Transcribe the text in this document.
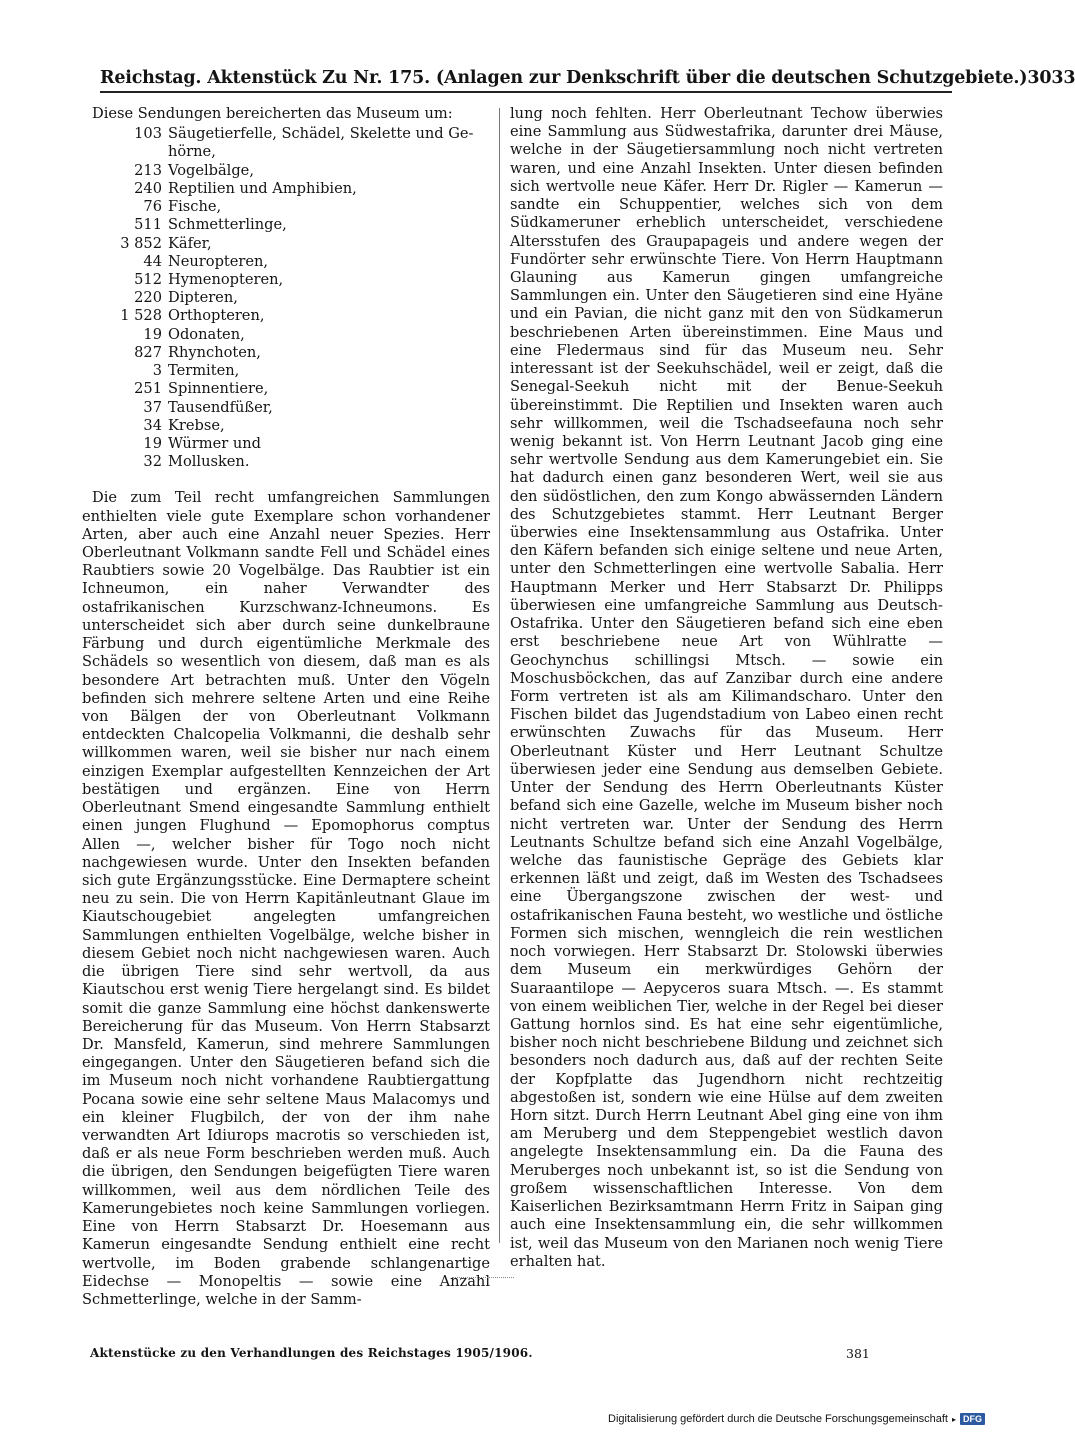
Reichstag. Aktenstück Zu Nr. 175. (Anlagen zur Denkschrift über die deutschen Schutzgebiete.) 3033

Diese Sendungen bereicherten das Museum um:

103 Säugetierfelle, Schädel, Skelette und Ge-
hörne,
213 Vogelbälge,
240 Reptilien und Amphibien,
76 Fische,
511 Schmetterlinge,
3 852 Käfer,
44 Neuropteren,
512 Hymenopteren,
220 Dipteren,
1 528 Orthopteren,
19 Odonaten,
827 Rhynchoten,
3 Termiten,
251 Spinnentiere,
37 Tausendfüßer,
34 Krebse,
19 Würmer und
32 Mollusken.

Die zum Teil recht umfangreichen Sammlungen enthielten viele gute Exemplare schon vorhandener Arten, aber auch eine Anzahl neuer Spezies. Herr Oberleutnant Volkmann sandte Fell und Schädel eines Raubtiers sowie 20 Vogelbälge. Das Raubtier ist ein Ichneumon, ein naher Verwandter des ostafrikanischen Kurzschwanz-Ichneumons. Es unterscheidet sich aber durch seine dunkelbraune Färbung und durch eigentümliche Merkmale des Schädels so wesentlich von diesem, daß man es als besondere Art betrachten muß. Unter den Vögeln befinden sich mehrere seltene Arten und eine Reihe von Bälgen der von Oberleutnant Volkmann entdeckten Chalcopelia Volkmanni, die deshalb sehr willkommen waren, weil sie bisher nur nach einem einzigen Exemplar aufgestellten Kennzeichen der Art bestätigen und ergänzen. Eine von Herrn Oberleutnant Smend eingesandte Sammlung enthielt einen jungen Flughund — Epomophorus comptus Allen —, welcher bisher für Togo noch nicht nachgewiesen wurde. Unter den Insekten befanden sich gute Ergänzungsstücke. Eine Dermaptere scheint neu zu sein. Die von Herrn Kapitänleutnant Glaue im Kiautschougebiet angelegten umfangreichen Sammlungen enthielten Vogelbälge, welche bisher in diesem Gebiet noch nicht nachgewiesen waren. Auch die übrigen Tiere sind sehr wertvoll, da aus Kiautschou erst wenig Tiere hergelangt sind. Es bildet somit die ganze Sammlung eine höchst dankenswerte Bereicherung für das Museum. Von Herrn Stabsarzt Dr. Mansfeld, Kamerun, sind mehrere Sammlungen eingegangen. Unter den Säugetieren befand sich die im Museum noch nicht vorhandene Raubtiergattung Pocana sowie eine sehr seltene Maus Malacomys und ein kleiner Flugbilch, der von der ihm nahe verwandten Art Idiurops macrotis so verschieden ist, daß er als neue Form beschrieben werden muß. Auch die übrigen, den Sendungen beigefügten Tiere waren willkommen, weil aus dem nördlichen Teile des Kamerungebietes noch keine Sammlungen vorliegen. Eine von Herrn Stabsarzt Dr. Hoesemann aus Kamerun eingesandte Sendung enthielt eine recht wertvolle, im Boden grabende schlangenartige Eidechse — Monopeltis — sowie eine Anzahl Schmetterlinge, welche in der Samm-

lung noch fehlten. Herr Oberleutnant Techow überwies eine Sammlung aus Südwestafrika, darunter drei Mäuse, welche in der Säugetiersammlung noch nicht vertreten waren, und eine Anzahl Insekten. Unter diesen befinden sich wertvolle neue Käfer. Herr Dr. Rigler — Kamerun — sandte ein Schuppentier, welches sich von dem Südkameruner erheblich unterscheidet, verschiedene Altersstufen des Graupapageis und andere wegen der Fundörter sehr erwünschte Tiere. Von Herrn Hauptmann Glauning aus Kamerun gingen umfangreiche Sammlungen ein. Unter den Säugetieren sind eine Hyäne und ein Pavian, die nicht ganz mit den von Südkamerun beschriebenen Arten übereinstimmen. Eine Maus und eine Fledermaus sind für das Museum neu. Sehr interessant ist der Seekuhschädel, weil er zeigt, daß die Senegal-Seekuh nicht mit der Benue-Seekuh übereinstimmt. Die Reptilien und Insekten waren auch sehr willkommen, weil die Tschadseefauna noch sehr wenig bekannt ist. Von Herrn Leutnant Jacob ging eine sehr wertvolle Sendung aus dem Kamerungebiet ein. Sie hat dadurch einen ganz besonderen Wert, weil sie aus den südöstlichen, den zum Kongo abwässernden Ländern des Schutzgebietes stammt. Herr Leutnant Berger überwies eine Insektensammlung aus Ostafrika. Unter den Käfern befanden sich einige seltene und neue Arten, unter den Schmetterlingen eine wertvolle Sabalia. Herr Hauptmann Merker und Herr Stabsarzt Dr. Philipps überwiesen eine umfangreiche Sammlung aus Deutsch-Ostafrika. Unter den Säugetieren befand sich eine eben erst beschriebene neue Art von Wühlratte — Geochynchus schillingsi Mtsch. — sowie ein Moschusböckchen, das auf Zanzibar durch eine andere Form vertreten ist als am Kilimandscharo. Unter den Fischen bildet das Jugendstadium von Labeo einen recht erwünschten Zuwachs für das Museum. Herr Oberleutnant Küster und Herr Leutnant Schultze überwiesen jeder eine Sendung aus demselben Gebiete. Unter der Sendung des Herrn Oberleutnants Küster befand sich eine Gazelle, welche im Museum bisher noch nicht vertreten war. Unter der Sendung des Herrn Leutnants Schultze befand sich eine Anzahl Vogelbälge, welche das faunistische Gepräge des Gebiets klar erkennen läßt und zeigt, daß im Westen des Tschadsees eine Übergangszone zwischen der west- und ostafrikanischen Fauna besteht, wo westliche und östliche Formen sich mischen, wenngleich die rein westlichen noch vorwiegen. Herr Stabsarzt Dr. Stolowski überwies dem Museum ein merkwürdiges Gehörn der Suaraantilope — Aepyceros suara Mtsch. —. Es stammt von einem weiblichen Tier, welche in der Regel bei dieser Gattung hornlos sind. Es hat eine sehr eigentümliche, bisher noch nicht beschriebene Bildung und zeichnet sich besonders noch dadurch aus, daß auf der rechten Seite der Kopfplatte das Jugendhorn nicht rechtzeitig abgestoßen ist, sondern wie eine Hülse auf dem zweiten Horn sitzt. Durch Herrn Leutnant Abel ging eine von ihm am Meruberg und dem Steppengebiet westlich davon angelegte Insektensammlung ein. Da die Fauna des Meruberges noch unbekannt ist, so ist die Sendung von großem wissenschaftlichen Interesse. Von dem Kaiserlichen Bezirksamtmann Herrn Fritz in Saipan ging auch eine Insektensammlung ein, die sehr willkommen ist, weil das Museum von den Marianen noch wenig Tiere erhalten hat.

Aktenstücke zu den Verhandlungen des Reichstages 1905/1906.	381
Digitalisierung gefördert durch die Deutsche Forschungsgemeinschaft ▸ DFG
